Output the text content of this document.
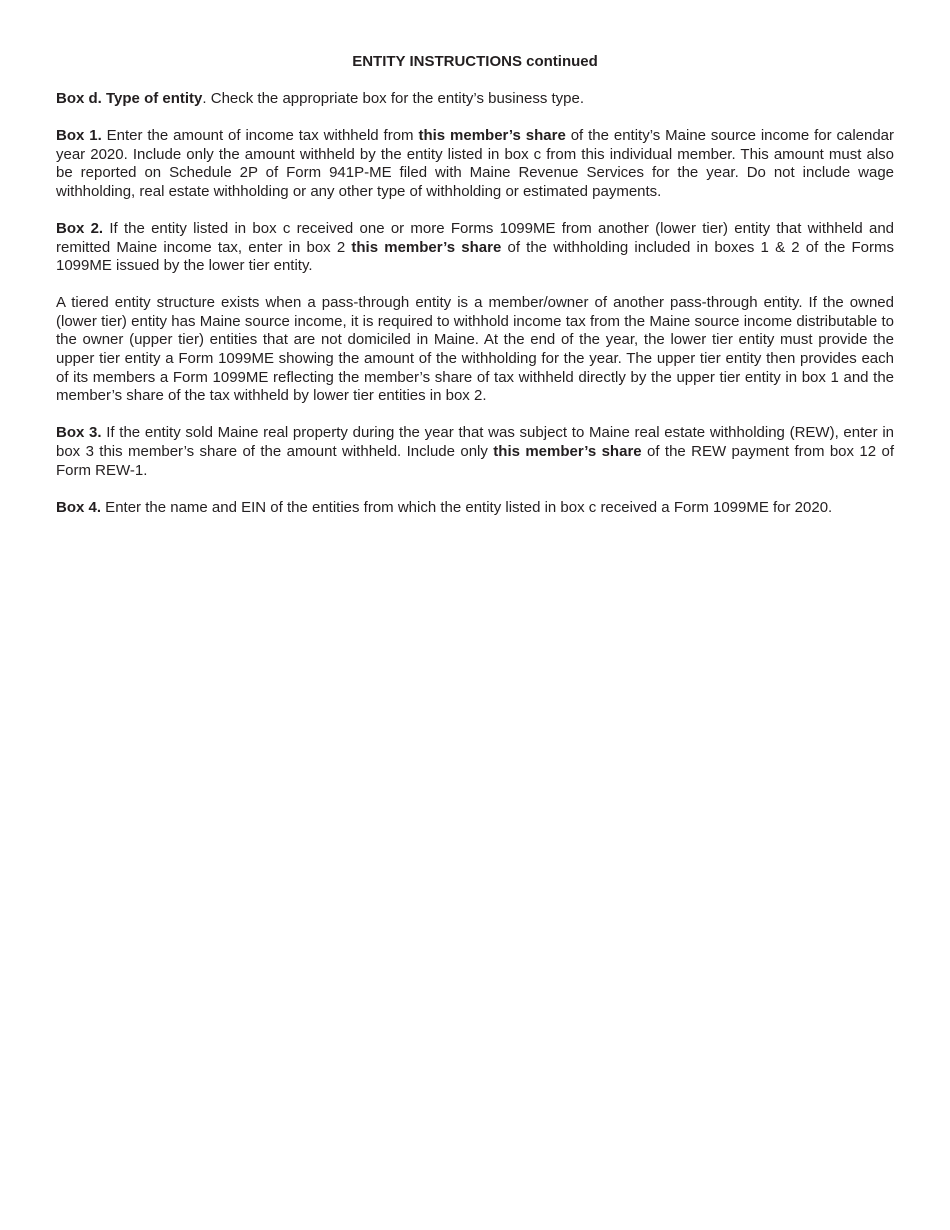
ENTITY INSTRUCTIONS continued

Box d. Type of entity. Check the appropriate box for the entity’s business type.

Box 1. Enter the amount of income tax withheld from this member’s share of the entity’s Maine source income for calendar year 2020. Include only the amount withheld by the entity listed in box c from this individual member. This amount must also be reported on Schedule 2P of Form 941P-ME filed with Maine Revenue Services for the year. Do not include wage withholding, real estate withholding or any other type of withholding or estimated payments.

Box 2. If the entity listed in box c received one or more Forms 1099ME from another (lower tier) entity that withheld and remitted Maine income tax, enter in box 2 this member’s share of the withholding included in boxes 1 & 2 of the Forms 1099ME issued by the lower tier entity.

A tiered entity structure exists when a pass-through entity is a member/owner of another pass-through entity. If the owned (lower tier) entity has Maine source income, it is required to withhold income tax from the Maine source income distributable to the owner (upper tier) entities that are not domiciled in Maine. At the end of the year, the lower tier entity must provide the upper tier entity a Form 1099ME showing the amount of the withholding for the year. The upper tier entity then provides each of its members a Form 1099ME reflecting the member’s share of tax withheld directly by the upper tier entity in box 1 and the member’s share of the tax withheld by lower tier entities in box 2.

Box 3. If the entity sold Maine real property during the year that was subject to Maine real estate withholding (REW), enter in box 3 this member’s share of the amount withheld. Include only this member’s share of the REW payment from box 12 of Form REW-1.

Box 4. Enter the name and EIN of the entities from which the entity listed in box c received a Form 1099ME for 2020.
